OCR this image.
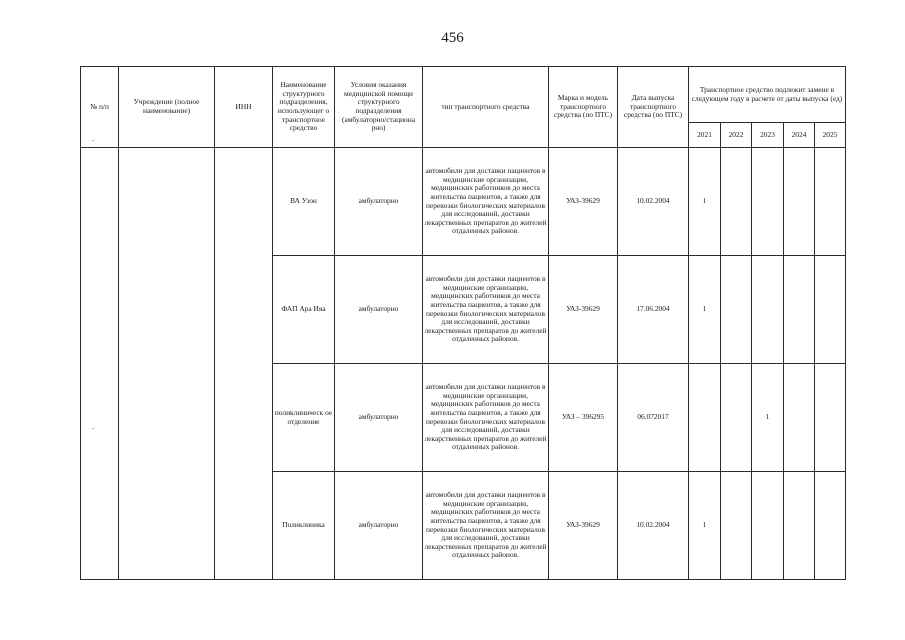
456
№ п/п	Учреждение (полное наименование)	ИНН	Наименование структурного подразделения, использующег о транспортное средство	Условия оказания медицинской помощи структурного подразделения (амбулаторно/стациона рно)	тип транспортного средства	Марка и модель транспортного средства (по ПТС)	Дата выпуска транспортного средства (по ПТС)	Транспортное средство подлежит замене в следующем году в расчете от даты выпуска (ед)				
								2021	2022	2023	2024	2025
			ВА Узон	амбулаторно	автомобили для доставки пациентов в медицинские организации, медицинских работников до места жительства пациентов, а также для перевозки биологических материалов для исследований, доставки лекарственных препаратов до жителей отдаленных районов.	УАЗ-39629	10.02.2004	1				
			ФАП Ара Ияа	амбулаторно	автомобили для доставки пациентов в медицинские организации, медицинских работников до места жительства пациентов, а также для перевозки биологических материалов для исследований, доставки лекарственных препаратов до жителей отдаленных районов.	УАЗ-39629	17.06.2004	1				
			поликлиническ ое отделение	амбулаторно	автомобили для доставки пациентов в медицинские организации, медицинских работников до места жительства пациентов, а также для перевозки биологических материалов для исследований, доставки лекарственных препаратов до жителей отдаленных районов.	УАЗ – 396295	06.072017			1		
			Поликлиника	амбулаторно	автомобили для доставки пациентов в медицинские организации, медицинских работников до места жительства пациентов, а также для перевозки биологических материалов для исследований, доставки лекарственных препаратов до жителей отдаленных районов.	УАЗ-39629	10.02.2004	1				
-
-
